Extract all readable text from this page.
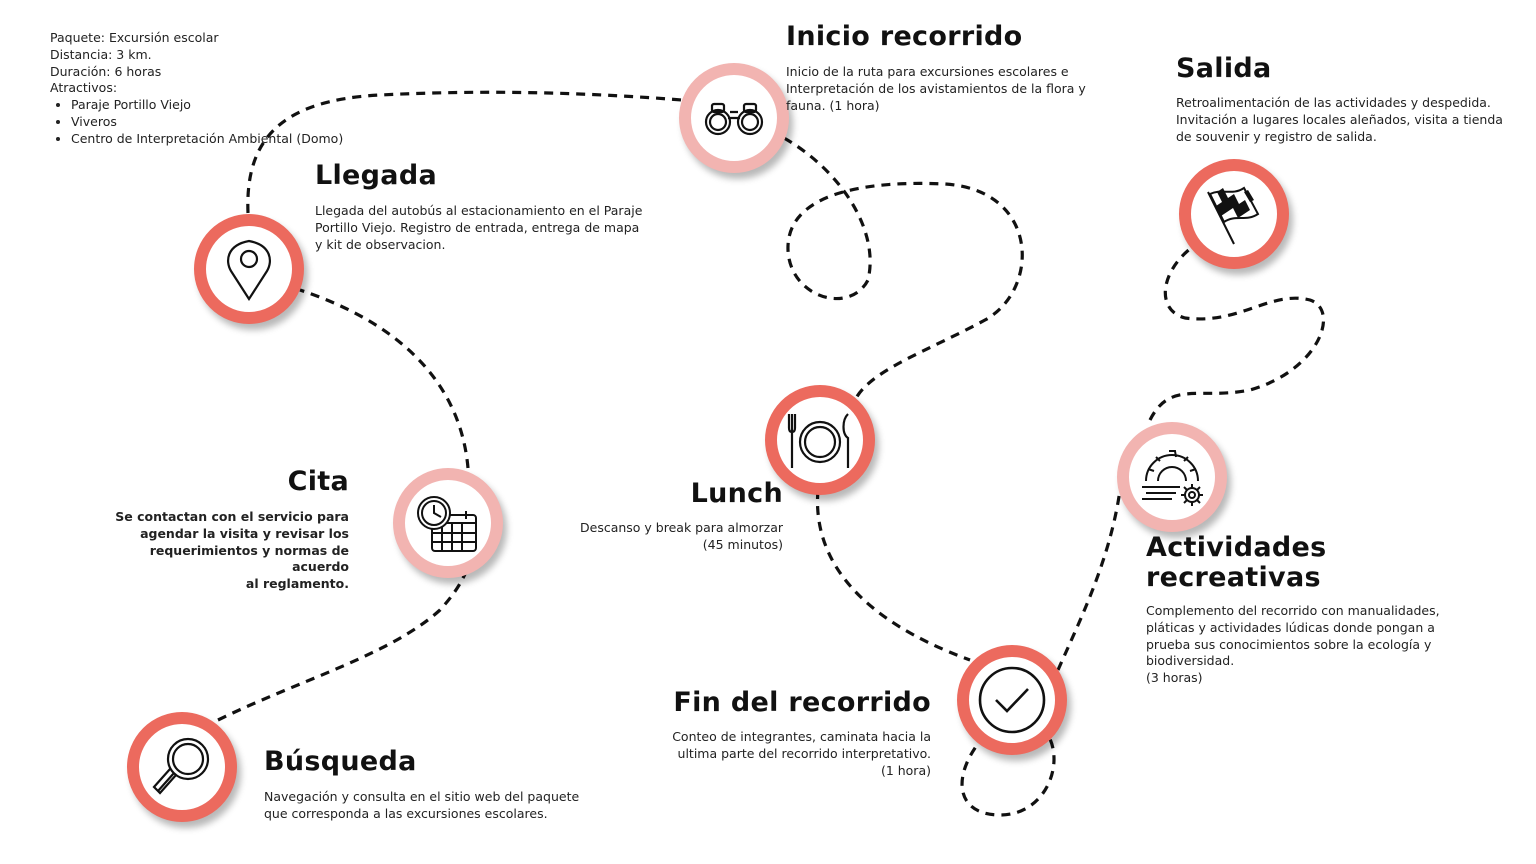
Paquete: Excursión escolar
Distancia: 3 km.
Duración: 6 horas
Atractivos:
• Paraje Portillo Viejo
• Viveros
• Centro de Interpretación Ambiental (Domo)
Llegada
Llegada del autobús al estacionamiento en el Paraje
Portillo Viejo. Registro de entrada, entrega de mapa
y kit de observacion.
Inicio recorrido
Inicio de la ruta para excursiones escolares e
Interpretación de los avistamientos de la flora y
fauna. (1 hora)
Salida
Retroalimentación de las actividades y despedida.
Invitación a lugares locales aleñados, visita a tienda
de souvenir y registro de salida.
Cita
Se contactan con el servicio para
agendar la visita y revisar los
requerimientos y normas de acuerdo
al reglamento.
Lunch
Descanso y break para almorzar
(45 minutos)	Actividades
recreativas
Complemento del recorrido con manualidades,
pláticas y actividades lúdicas donde pongan a
prueba sus conocimientos sobre la ecología y
biodiversidad.
(3 horas)
Fin del recorrido
Conteo de integrantes, caminata hacia la
ultima parte del recorrido interpretativo.
(1 hora)
Búsqueda
Navegación y consulta en el sitio web del paquete
que corresponda a las excursiones escolares.
